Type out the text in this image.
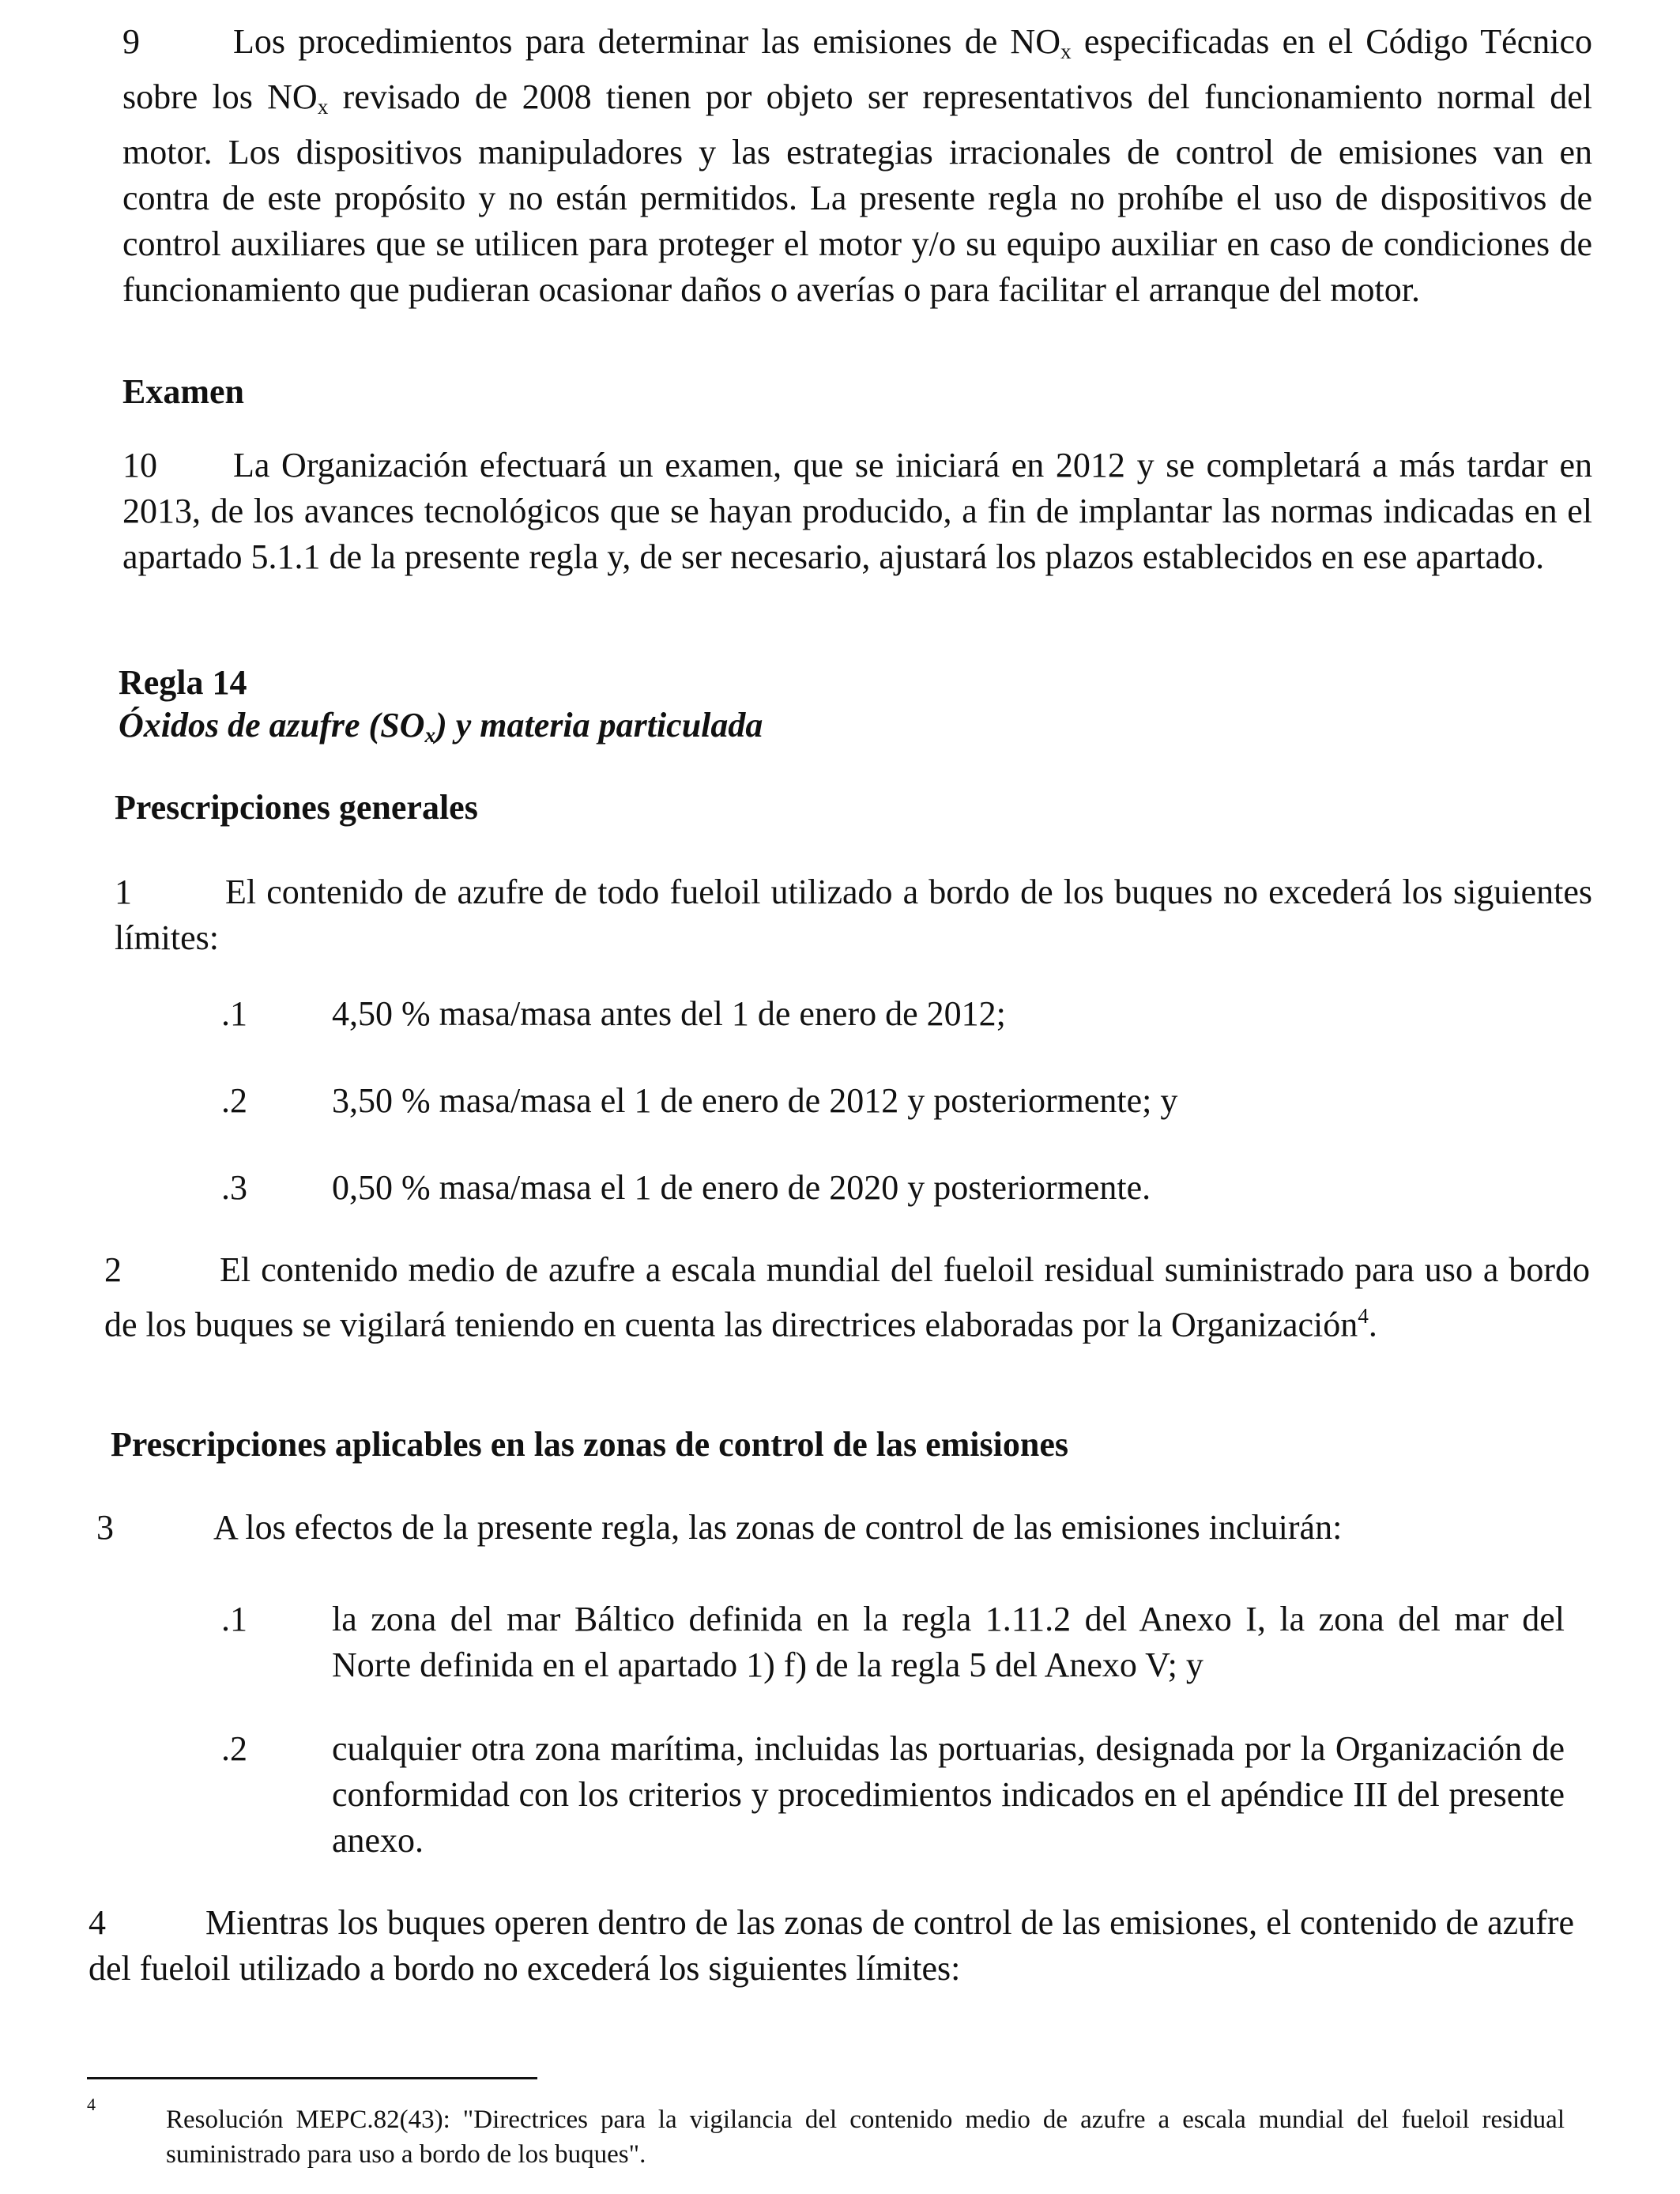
9	Los procedimientos para determinar las emisiones de $NO_x$ especificadas en el Código Técnico sobre los $NO_x$ revisado de 2008 tienen por objeto ser representativos del funcionamiento normal del motor. Los dispositivos manipuladores y las estrategias irracionales de control de emisiones van en contra de este propósito y no están permitidos. La presente regla no prohíbe el uso de dispositivos de control auxiliares que se utilicen para proteger el motor y/o su equipo auxiliar en caso de condiciones de funcionamiento que pudieran ocasionar daños o averías o para facilitar el arranque del motor.

Examen

10 La Organización efectuará un examen, que se iniciará en 2012 y se completará a más tardar en 2013, de los avances tecnológicos que se hayan producido, a fin de implantar las normas indicadas en el apartado 5.1.1 de la presente regla y, de ser necesario, ajustará los plazos establecidos en ese apartado.

Regla 14
Óxidos de azufre $(SO_x)$ y materia particulada
Prescripciones generales

1	El contenido de azufre de todo fueloil utilizado a bordo de los buques no excederá los siguientes límites:

.1 4,50 % masa/masa antes del 1 de enero de 2012;
.2 3,50 % masa/masa el 1 de enero de 2012 y posteriormente; y
.3 0,50 % masa/masa el 1 de enero de 2020 y posteriormente.

2	El contenido medio de azufre a escala mundial del fueloil residual suministrado para uso a bordo de los buques se vigilará teniendo en cuenta las directrices elaboradas por la Organización$^4$.

Prescripciones aplicables en las zonas de control de las emisiones
3	A los efectos de la presente regla, las zonas de control de las emisiones incluirán:
.1 la zona del mar Báltico definida en la regla 1.11.2 del Anexo I, la zona del mar del Norte definida en el apartado 1) f) de la regla 5 del Anexo V; y
.2 cualquier otra zona marítima, incluidas las portuarias, designada por la Organización de conformidad con los criterios y procedimientos indicados en el apéndice III del presente anexo.

4	Mientras los buques operen dentro de las zonas de control de las emisiones, el contenido de azufre del fueloil utilizado a bordo no excederá los siguientes límites:

4
Resolución MEPC.82(43): "Directrices para la vigilancia del contenido medio de azufre a escala mundial del fueloil residual suministrado para uso a bordo de los buques".
